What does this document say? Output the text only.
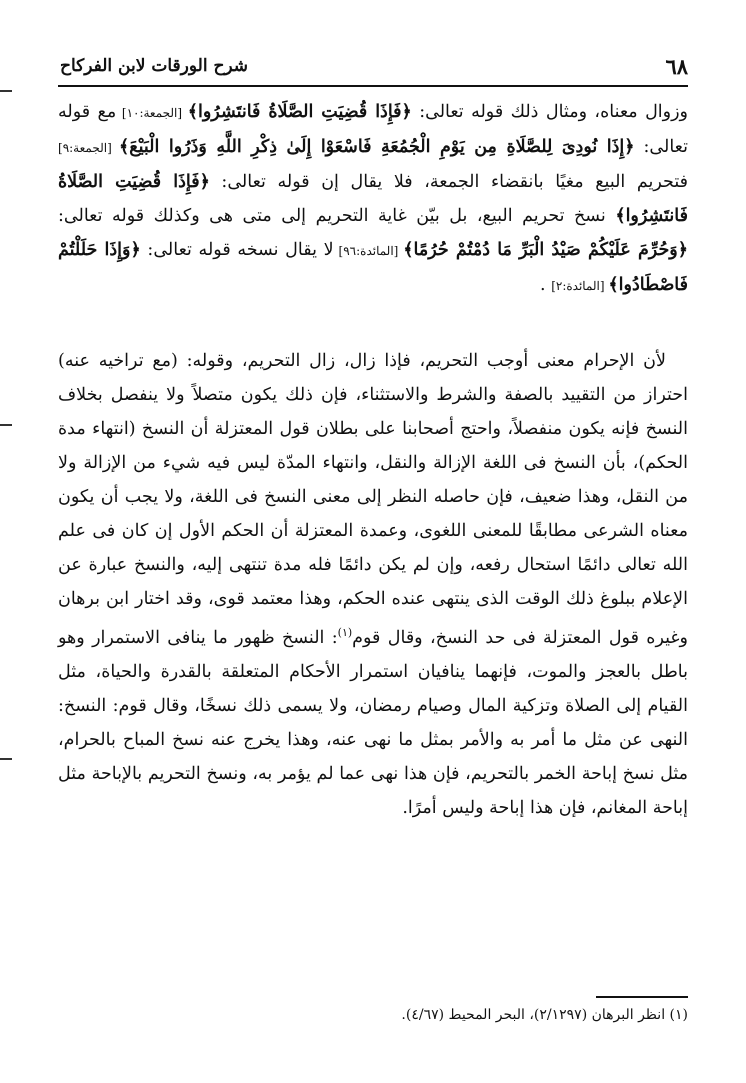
٦٨
شرح الورقات لابن الفركاح

وزوال معناه، ومثال ذلك قوله تعالى: ﴿فَإِذَا قُضِيَتِ الصَّلَاةُ فَانتَشِرُوا﴾ [الجمعة:١٠] مع قوله تعالى: ﴿إِذَا نُودِىَ لِلصَّلَاةِ مِن يَوْمِ الْجُمُعَةِ فَاسْعَوْا إِلَىٰ ذِكْرِ اللَّهِ وَذَرُوا الْبَيْعَ﴾ [الجمعة:٩] فتحريم البيع مغيًا بانقضاء الجمعة، فلا يقال إن قوله تعالى: ﴿فَإِذَا قُضِيَتِ الصَّلَاةُ فَانتَشِرُوا﴾ نسخ تحريم البيع، بل بيّن غاية التحريم إلى متى هى وكذلك قوله تعالى: ﴿وَحُرِّمَ عَلَيْكُمْ صَيْدُ الْبَرِّ مَا دُمْتُمْ حُرُمًا﴾ [المائدة:٩٦] لا يقال نسخه قوله تعالى: ﴿وَإِذَا حَلَلْتُمْ فَاصْطَادُوا﴾ [المائدة:٢] .

لأن الإحرام معنى أوجب التحريم، فإذا زال، زال التحريم، وقوله: (مع تراخيه عنه) احتراز من التقييد بالصفة والشرط والاستثناء، فإن ذلك يكون متصلاً ولا ينفصل بخلاف النسخ فإنه يكون منفصلاً، واحتج أصحابنا على بطلان قول المعتزلة أن النسخ (انتهاء مدة الحكم)، بأن النسخ فى اللغة الإزالة والنقل، وانتهاء المدّة ليس فيه شيء من الإزالة ولا من النقل، وهذا ضعيف، فإن حاصله النظر إلى معنى النسخ فى اللغة، ولا يجب أن يكون معناه الشرعى مطابقًا للمعنى اللغوى، وعمدة المعتزلة أن الحكم الأول إن كان فى علم الله تعالى دائمًا استحال رفعه، وإن لم يكن دائمًا فله مدة تنتهى إليه، والنسخ عبارة عن الإعلام ببلوغ ذلك الوقت الذى ينتهى عنده الحكم، وهذا معتمد قوى، وقد اختار ابن برهان وغيره قول المعتزلة فى حد النسخ، وقال قوم$^{(١)}$: النسخ ظهور ما ينافى الاستمرار وهو باطل بالعجز والموت، فإنهما ينافيان استمرار الأحكام المتعلقة بالقدرة والحياة، مثل القيام إلى الصلاة وتزكية المال وصيام رمضان، ولا يسمى ذلك نسخًا، وقال قوم: النسخ: النهى عن مثل ما أمر به والأمر بمثل ما نهى عنه، وهذا يخرج عنه نسخ المباح بالحرام، مثل نسخ إباحة الخمر بالتحريم، فإن هذا نهى عما لم يؤمر به، ونسخ التحريم بالإباحة مثل إباحة المغانم، فإن هذا إباحة وليس أمرًا.

(١) انظر البرهان (٢/١٢٩٧)، البحر المحيط (٤/٦٧).
